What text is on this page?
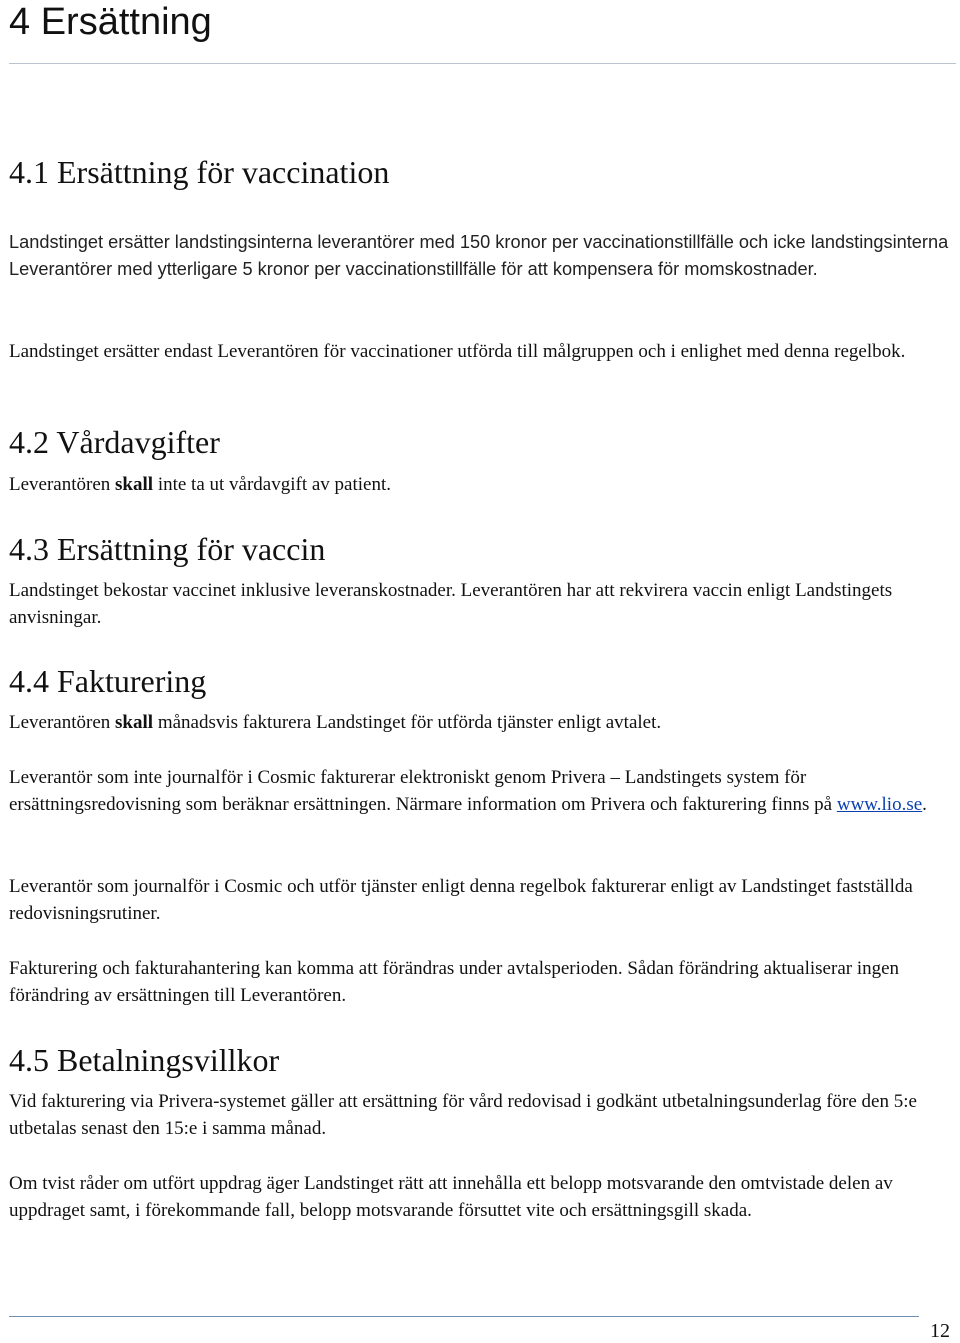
4 Ersättning
4.1 Ersättning för vaccination

Landstinget ersätter landstingsinterna leverantörer med 150 kronor per vaccinationstillfälle och icke landstingsinterna Leverantörer med ytterligare 5 kronor per vaccinationstillfälle för att kompensera för momskostnader.

Landstinget ersätter endast Leverantören för vaccinationer utförda till målgruppen och i enlighet med denna regelbok.

4.2 Vårdavgifter

Leverantören skall inte ta ut vårdavgift av patient.

4.3 Ersättning för vaccin

Landstinget bekostar vaccinet inklusive leveranskostnader. Leverantören har att rekvirera vaccin enligt Landstingets anvisningar.

4.4 Fakturering

Leverantören skall månadsvis fakturera Landstinget för utförda tjänster enligt avtalet.

Leverantör som inte journalför i Cosmic fakturerar elektroniskt genom Privera – Landstingets system för ersättningsredovisning som beräknar ersättningen. Närmare information om Privera och fakturering finns på www.lio.se.

Leverantör som journalför i Cosmic och utför tjänster enligt denna regelbok fakturerar enligt av Landstinget fastställda redovisningsrutiner.

Fakturering och fakturahantering kan komma att förändras under avtalsperioden. Sådan förändring aktualiserar ingen förändring av ersättningen till Leverantören.

4.5 Betalningsvillkor

Vid fakturering via Privera-systemet gäller att ersättning för vård redovisad i godkänt utbetalningsunderlag före den 5:e utbetalas senast den 15:e i samma månad.

Om tvist råder om utfört uppdrag äger Landstinget rätt att innehålla ett belopp motsvarande den omtvistade delen av uppdraget samt, i förekommande fall, belopp motsvarande försuttet vite och ersättningsgill skada.

12
